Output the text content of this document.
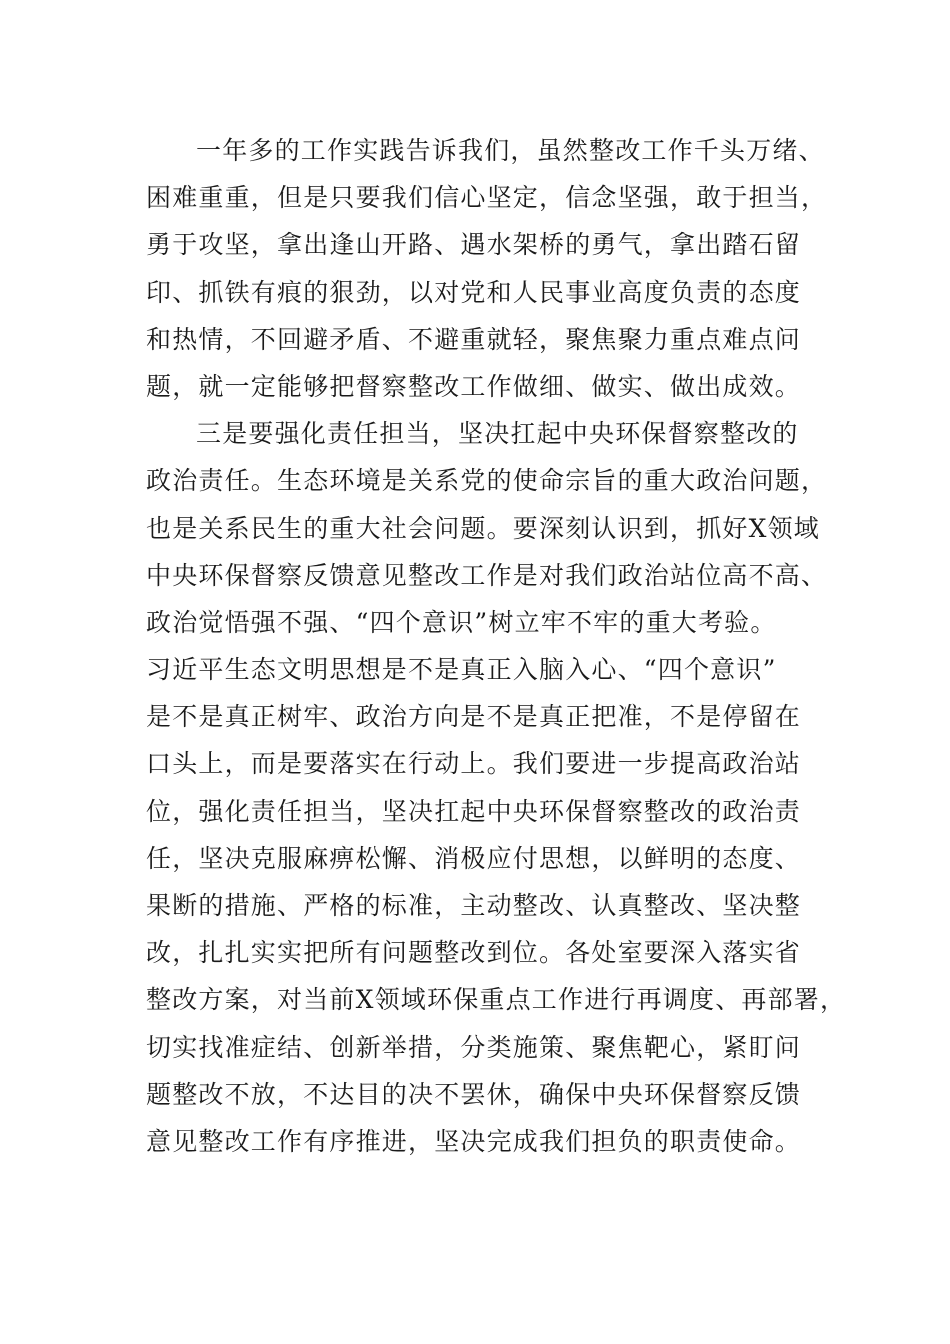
一年多的工作实践告诉我们，虽然整改工作千头万绪、
困难重重，但是只要我们信心坚定，信念坚强，敢于担当，
勇于攻坚，拿出逢山开路、遇水架桥的勇气，拿出踏石留
印、抓铁有痕的狠劲，以对党和人民事业高度负责的态度
和热情，不回避矛盾、不避重就轻，聚焦聚力重点难点问
题，就一定能够把督察整改工作做细、做实、做出成效。
三是要强化责任担当，坚决扛起中央环保督察整改的
政治责任。生态环境是关系党的使命宗旨的重大政治问题，
也是关系民生的重大社会问题。要深刻认识到，抓好X领域
中央环保督察反馈意见整改工作是对我们政治站位高不高、
政治觉悟强不强、“四个意识”树立牢不牢的重大考验。
习近平生态文明思想是不是真正入脑入心、“四个意识”
是不是真正树牢、政治方向是不是真正把准，不是停留在
口头上，而是要落实在行动上。我们要进一步提高政治站
位，强化责任担当，坚决扛起中央环保督察整改的政治责
任，坚决克服麻痹松懈、消极应付思想，以鲜明的态度、
果断的措施、严格的标准，主动整改、认真整改、坚决整
改，扎扎实实把所有问题整改到位。各处室要深入落实省
整改方案，对当前X领域环保重点工作进行再调度、再部署，
切实找准症结、创新举措，分类施策、聚焦靶心，紧盯问
题整改不放，不达目的决不罢休，确保中央环保督察反馈
意见整改工作有序推进，坚决完成我们担负的职责使命。
